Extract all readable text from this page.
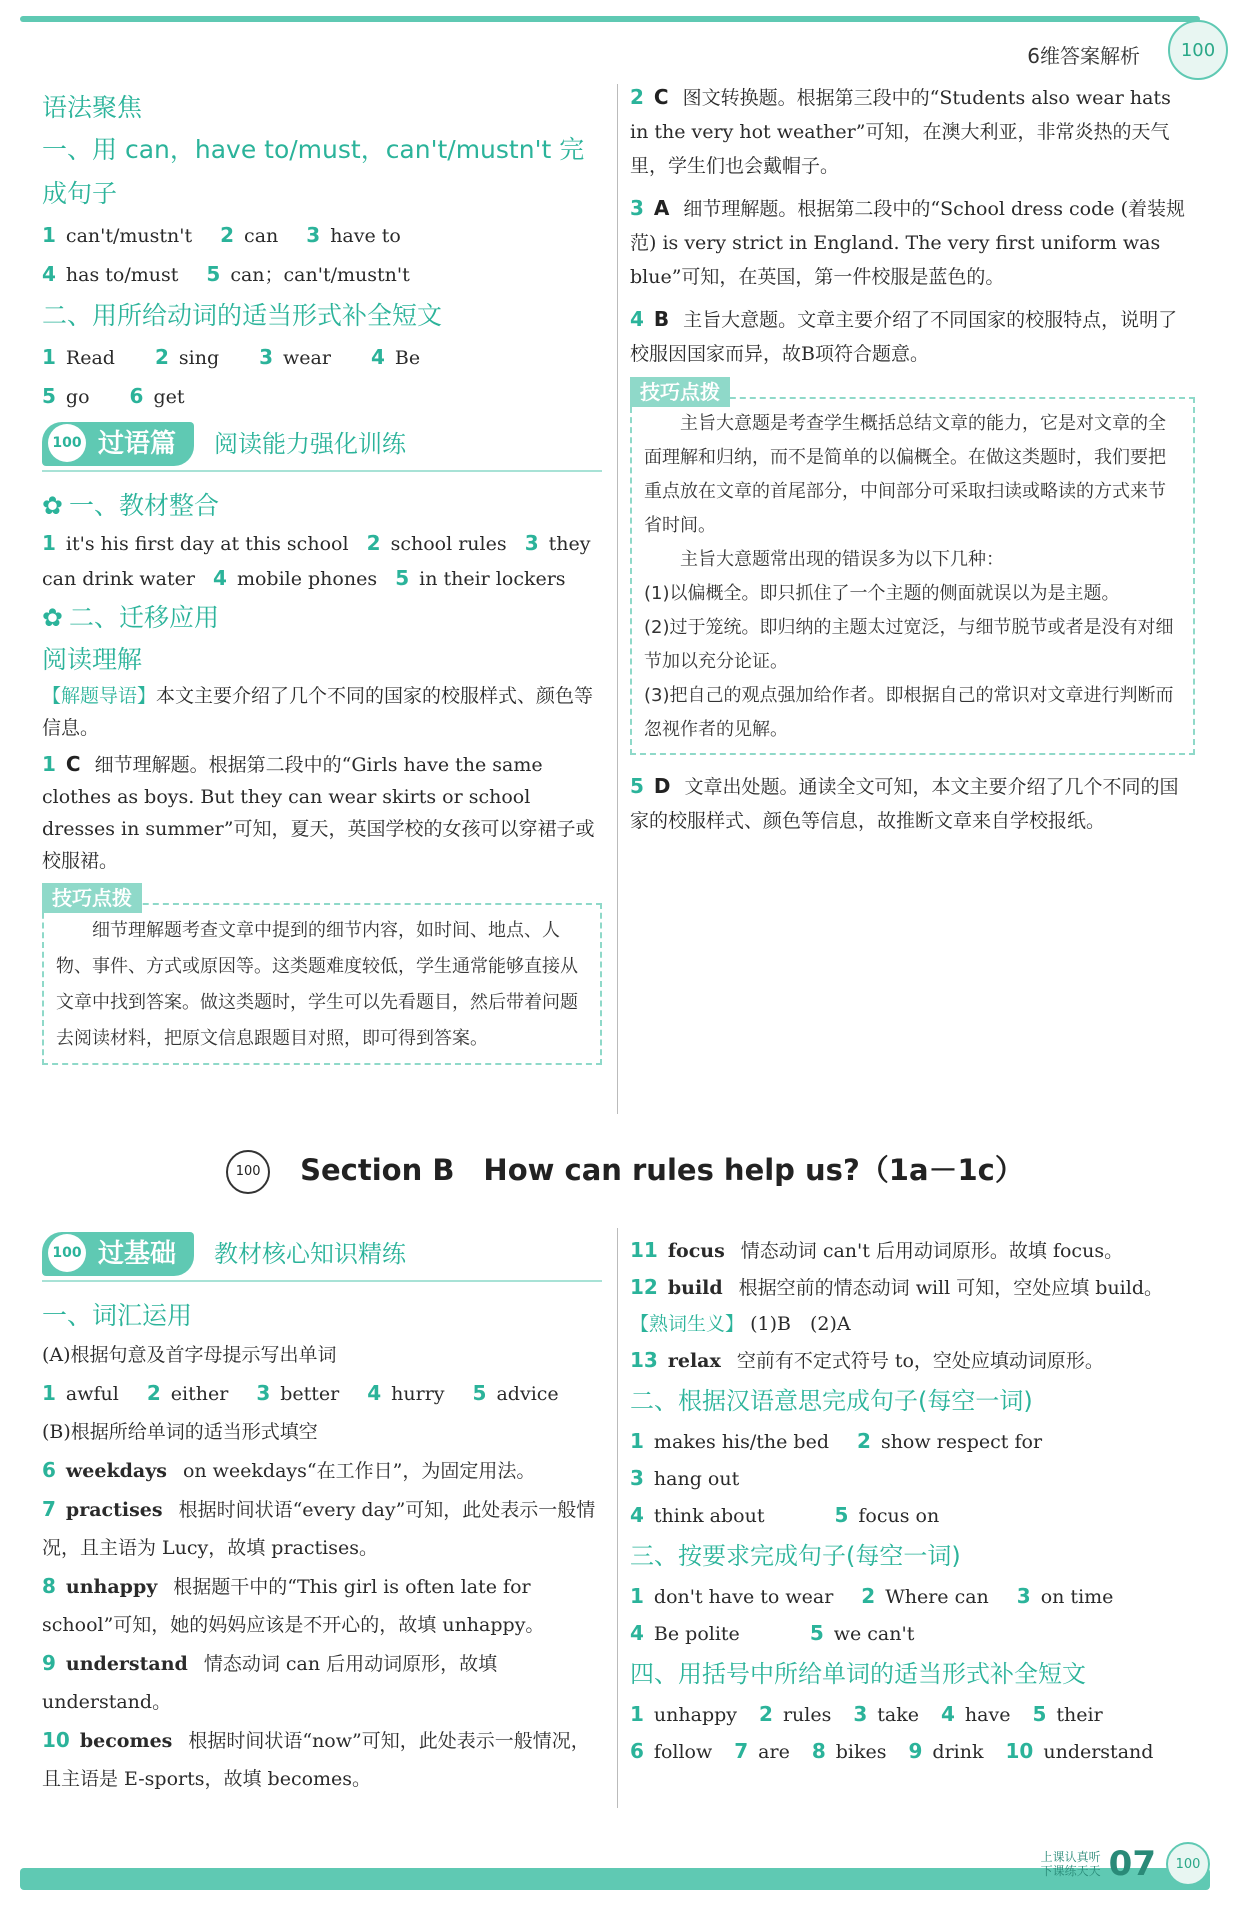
6维答案解析	100
语法聚焦
一、用 can，have to/must，can't/mustn't 完成句子
1 can't/mustn't 2 can 3 have to
4 has to/must 5 can；can't/mustn't
二、用所给动词的适当形式补全短文
1 Read 2 sing 3 wear 4 Be
5 go 6 get
100 过语篇	阅读能力强化训练
✿ 一、教材整合
1 it's his first day at this school 2 school rules 3 they can drink water 4 mobile phones 5 in their lockers
✿ 二、迁移应用
阅读理解
【解题导语】本文主要介绍了几个不同的国家的校服样式、颜色等信息。
1 C 细节理解题。根据第二段中的“Girls have the same clothes as boys. But they can wear skirts or school dresses in summer”可知，夏天，英国学校的女孩可以穿裙子或校服裙。
技巧点拨
细节理解题考查文章中提到的细节内容，如时间、地点、人物、事件、方式或原因等。这类题难度较低，学生通常能够直接从文章中找到答案。做这类题时，学生可以先看题目，然后带着问题去阅读材料，把原文信息跟题目对照，即可得到答案。
2 C 图文转换题。根据第三段中的“Students also wear hats in the very hot weather”可知，在澳大利亚，非常炎热的天气里，学生们也会戴帽子。
3 A 细节理解题。根据第二段中的“School dress code (着装规范) is very strict in England. The very first uniform was blue”可知，在英国，第一件校服是蓝色的。
4 B 主旨大意题。文章主要介绍了不同国家的校服特点，说明了校服因国家而异，故B项符合题意。
技巧点拨
主旨大意题是考查学生概括总结文章的能力，它是对文章的全面理解和归纳，而不是简单的以偏概全。在做这类题时，我们要把重点放在文章的首尾部分，中间部分可采取扫读或略读的方式来节省时间。
主旨大意题常出现的错误多为以下几种：
(1)以偏概全。即只抓住了一个主题的侧面就误以为是主题。
(2)过于笼统。即归纳的主题太过宽泛，与细节脱节或者是没有对细节加以充分论证。
(3)把自己的观点强加给作者。即根据自己的常识对文章进行判断而忽视作者的见解。
5 D 文章出处题。通读全文可知，本文主要介绍了几个不同的国家的校服样式、颜色等信息，故推断文章来自学校报纸。
100 Section B　How can rules help us?（1a－1c）
100 过基础	教材核心知识精练
一、词汇运用
(A)根据句意及首字母提示写出单词
1 awful 2 either 3 better 4 hurry 5 advice
(B)根据所给单词的适当形式填空
6 weekdays on weekdays“在工作日”，为固定用法。
7 practises 根据时间状语“every day”可知，此处表示一般情况，且主语为 Lucy，故填 practises。
8 unhappy 根据题干中的“This girl is often late for school”可知，她的妈妈应该是不开心的，故填 unhappy。
9 understand 情态动词 can 后用动词原形，故填 understand。
10 becomes 根据时间状语“now”可知，此处表示一般情况，且主语是 E-sports，故填 becomes。
11 focus 情态动词 can't 后用动词原形。故填 focus。
12 build 根据空前的情态动词 will 可知，空处应填 build。
【熟词生义】 (1)B　(2)A
13 relax 空前有不定式符号 to，空处应填动词原形。
二、根据汉语意思完成句子(每空一词)
1 makes his/the bed 2 show respect for
3 hang out
4 think about	5 focus on
三、按要求完成句子(每空一词)
1 don't have to wear 2 Where can 3 on time
4 Be polite	5 we can't
四、用括号中所给单词的适当形式补全短文
1 unhappy 2 rules 3 take 4 have 5 their
6 follow 7 are 8 bikes 9 drink 10 understand
上课认真听
下课练天天 07	100
